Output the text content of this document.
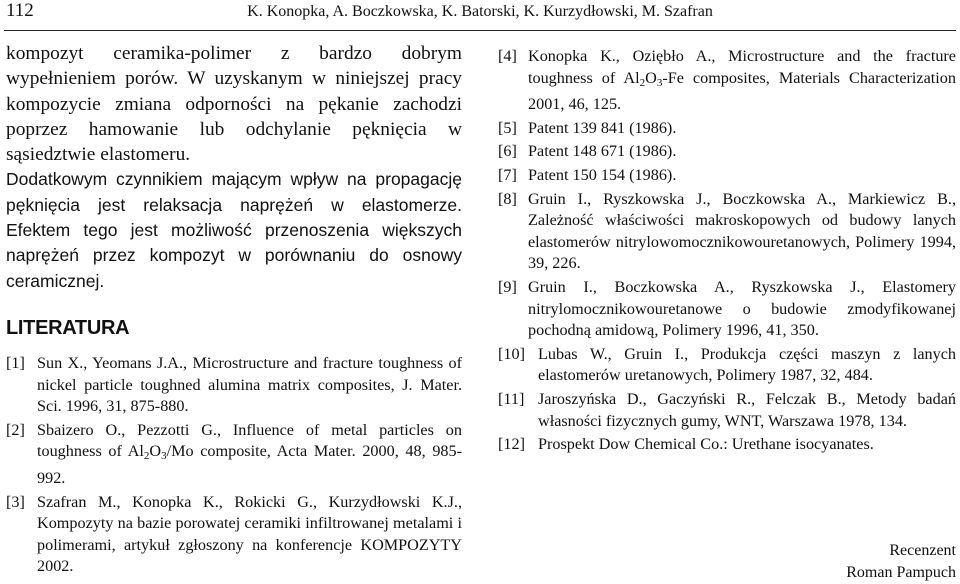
112	K. Konopka, A. Boczkowska, K. Batorski, K. Kurzydłowski, M. Szafran

kompozyt ceramika-polimer z bardzo dobrym wypełnieniem porów. W uzyskanym w niniejszej pracy kompozycie zmiana odporności na pękanie zachodzi poprzez hamowanie lub odchylanie pęknięcia w sąsiedztwie elastomeru.

Dodatkowym czynnikiem mającym wpływ na propagację pęknięcia jest relaksacja naprężeń w elastomerze. Efektem tego jest możliwość przenoszenia większych naprężeń przez kompozyt w porównaniu do osnowy ceramicznej.

LITERATURA

[1] Sun X., Yeomans J.A., Microstructure and fracture toughness of nickel particle toughned alumina matrix composites, J. Mater. Sci. 1996, 31, 875-880.

[2] Sbaizero O., Pezzotti G., Influence of metal particles on toughness of $Al_2O_3/Mo$ composite, Acta Mater. 2000, 48, 985-992.

[3] Szafran M., Konopka K., Rokicki G., Kurzydłowski K.J., Kompozyty na bazie porowatej ceramiki infiltrowanej metalami i polimerami, artykuł zgłoszony na konferencje KOMPOZYTY 2002.

[4] Konopka K., Oziębło A., Microstructure and the fracture toughness of $Al_2O_3-Fe$ composites, Materials Characterization 2001, 46, 125.

[5] Patent 139 841 (1986).

[6] Patent 148 671 (1986).

[7] Patent 150 154 (1986).

[8] Gruin I., Ryszkowska J., Boczkowska A., Markiewicz B., Zależność właściwości makroskopowych od budowy lanych elastomerów nitrylowomocznikowouretanowych, Polimery 1994, 39, 226.

[9] Gruin I., Boczkowska A., Ryszkowska J., Elastomery nitrylomocznikowouretanowe o budowie zmodyfikowanej pochodną amidową, Polimery 1996, 41, 350.

[10] Lubas W., Gruin I., Produkcja części maszyn z lanych elastomerów uretanowych, Polimery 1987, 32, 484.

[11] Jaroszyńska D., Gaczyński R., Felczak B., Metody badań własności fizycznych gumy, WNT, Warszawa 1978, 134.

[12] Prospekt Dow Chemical Co.: Urethane isocyanates.

Recenzent
Roman Pampuch
